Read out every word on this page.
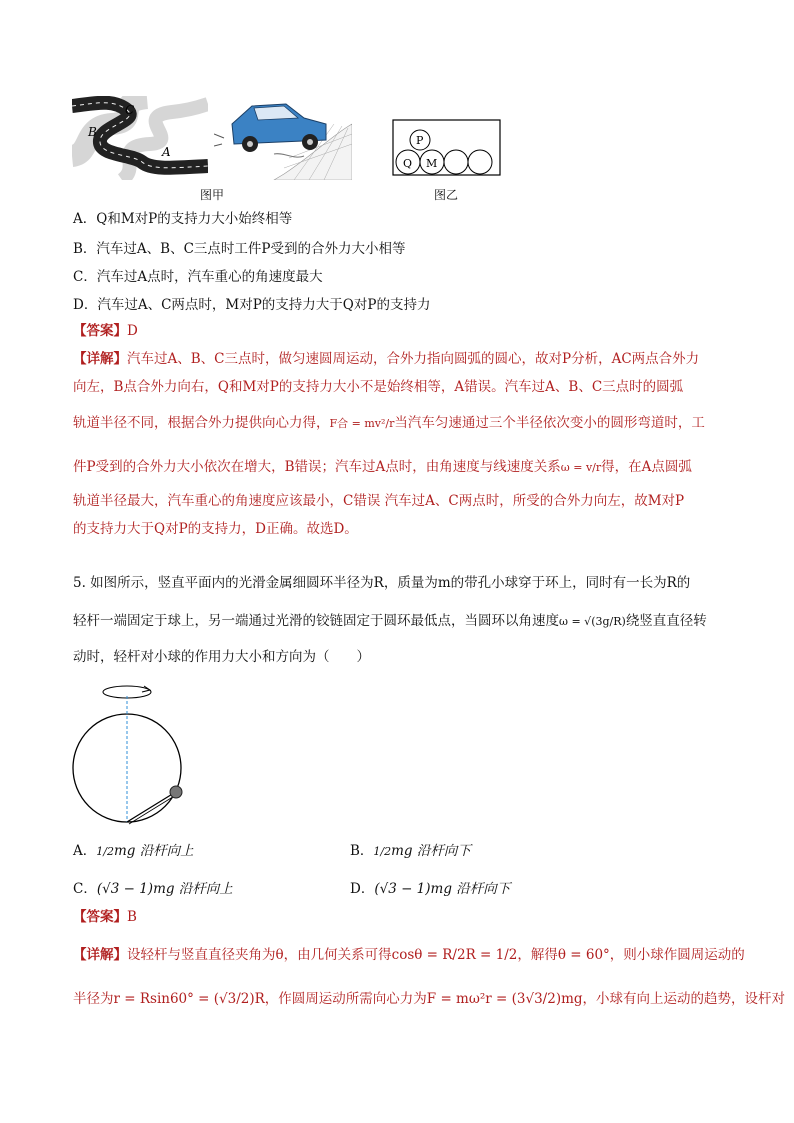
C
B
A
P
Q M
图甲	图乙
A．Q和M对P的支持力大小始终相等
B．汽车过A、B、C三点时工件P受到的合外力大小相等
C．汽车过A点时，汽车重心的角速度最大
D．汽车过A、C两点时，M对P的支持力大于Q对P的支持力
【答案】D
【详解】汽车过A、B、C三点时，做匀速圆周运动，合外力指向圆弧的圆心，故对P分析，AC两点合外力
向左，B点合外力向右，Q和M对P的支持力大小不是始终相等，A错误。汽车过A、B、C三点时的圆弧
轨道半径不同，根据合外力提供向心力得，F合 = mv²/r当汽车匀速通过三个半径依次变小的圆形弯道时，工
件P受到的合外力大小依次在增大，B错误；汽车过A点时，由角速度与线速度关系ω = v/r得，在A点圆弧
轨道半径最大，汽车重心的角速度应该最小，C错误 汽车过A、C两点时，所受的合外力向左，故M对P
的支持力大于Q对P的支持力，D正确。故选D。
5. 如图所示，竖直平面内的光滑金属细圆环半径为R，质量为m的带孔小球穿于环上，同时有一长为R的
轻杆一端固定于球上，另一端通过光滑的铰链固定于圆环最低点，当圆环以角速度ω = √(3g/R)绕竖直直径转
动时，轻杆对小球的作用力大小和方向为（　　）
A．1/2mg 沿杆向上	B．1/2mg 沿杆向下
C．(√3 − 1)mg 沿杆向上	D．(√3 − 1)mg 沿杆向下
【答案】B
【详解】设轻杆与竖直直径夹角为θ，由几何关系可得cosθ = R/2R = 1/2，解得θ = 60°，则小球作圆周运动的
半径为r = Rsin60° = (√3/2)R，作圆周运动所需向心力为F = mω²r = (3√3/2)mg，小球有向上运动的趋势，设杆对
